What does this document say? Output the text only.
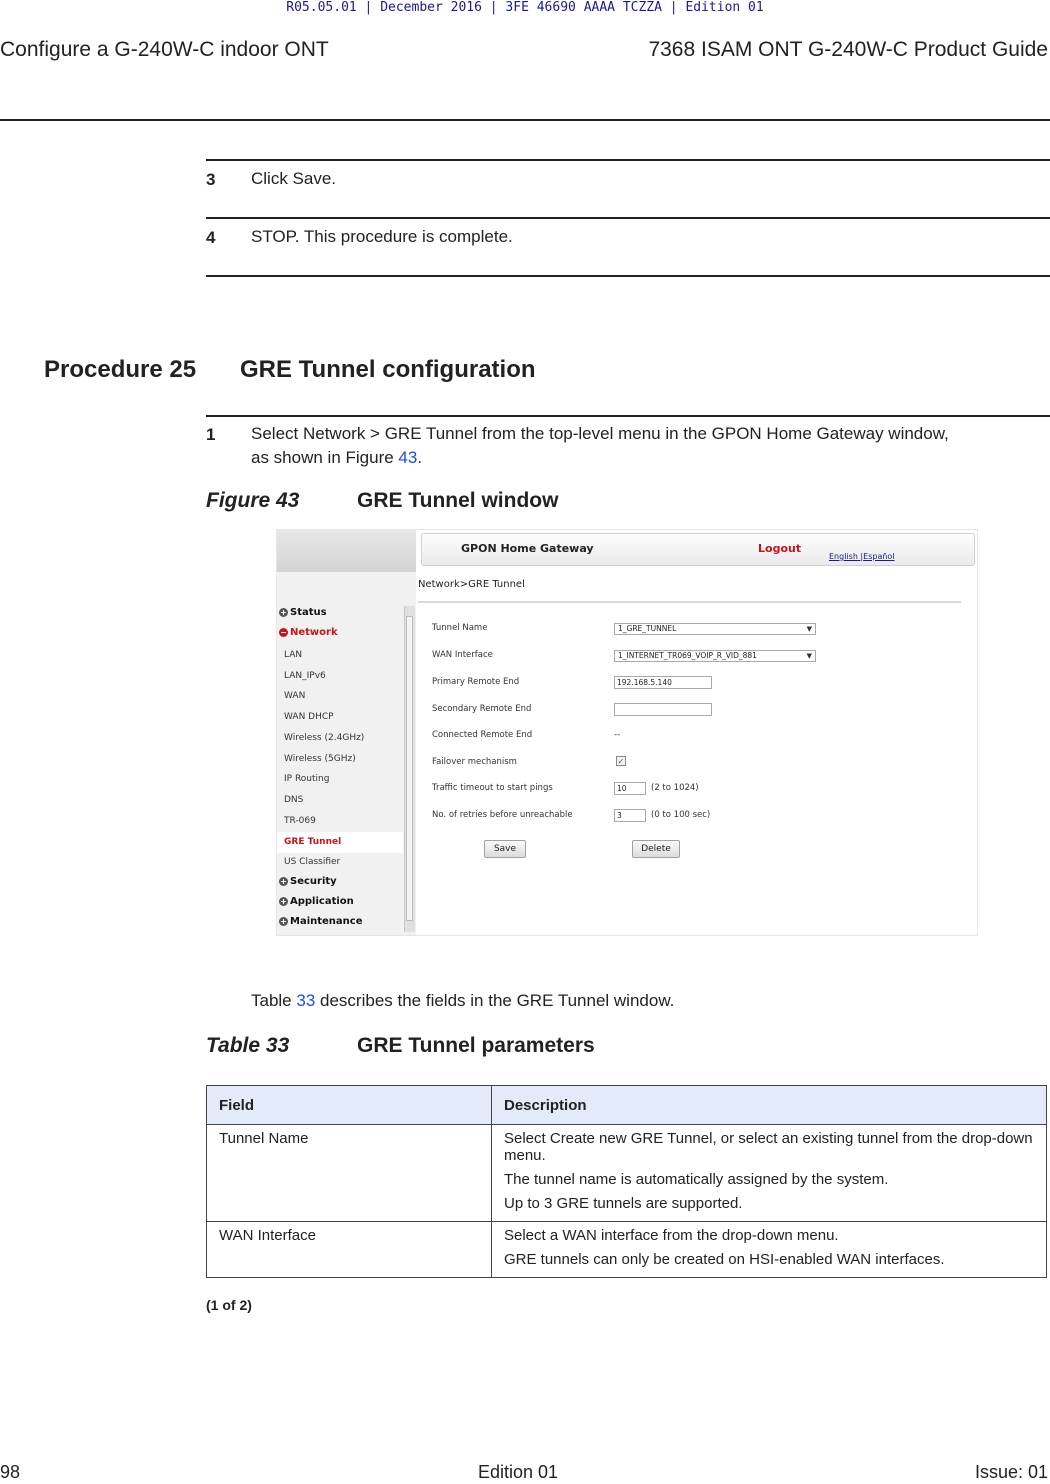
R05.05.01 | December 2016 | 3FE 46690 AAAA TCZZA | Edition 01
Configure a G-240W-C indoor ONT	7368 ISAM ONT G-240W-C Product Guide
3 Click Save.
4 STOP. This procedure is complete.
Procedure 25 GRE Tunnel configuration
1 Select Network > GRE Tunnel from the top-level menu in the GPON Home Gateway window,
as shown in Figure 43.
Figure 43	GRE Tunnel window
GPON Home Gateway	Logout
English |Español
Network>GRE Tunnel
+ Status
− Network
LAN
LAN_IPv6
WAN
WAN DHCP
Wireless (2.4GHz)
Wireless (5GHz)
IP Routing
DNS
TR-069
GRE Tunnel
US Classifier
+ Security
+ Application
+ Maintenance
Tunnel Name	1_GRE_TUNNEL	▼
WAN Interface	1_INTERNET_TR069_VOIP_R_VID_881	▼
Primary Remote End	192.168.5.140
Secondary Remote End
Connected Remote End	--
Failover mechanism	✓
Traffic timeout to start pings	10	(2 to 1024)
No. of retries before unreachable	3	(0 to 100 sec)
Save	Delete
Table 33 describes the fields in the GRE Tunnel window.
Table 33	GRE Tunnel parameters
Field	Description
Tunnel Name	Select Create new GRE Tunnel, or select an existing tunnel from the drop-down menu.

The tunnel name is automatically assigned by the system.

Up to 3 GRE tunnels are supported.

WAN Interface	Select a WAN interface from the drop-down menu.

GRE tunnels can only be created on HSI-enabled WAN interfaces.

(1 of 2)
98	Edition 01	Issue: 01
